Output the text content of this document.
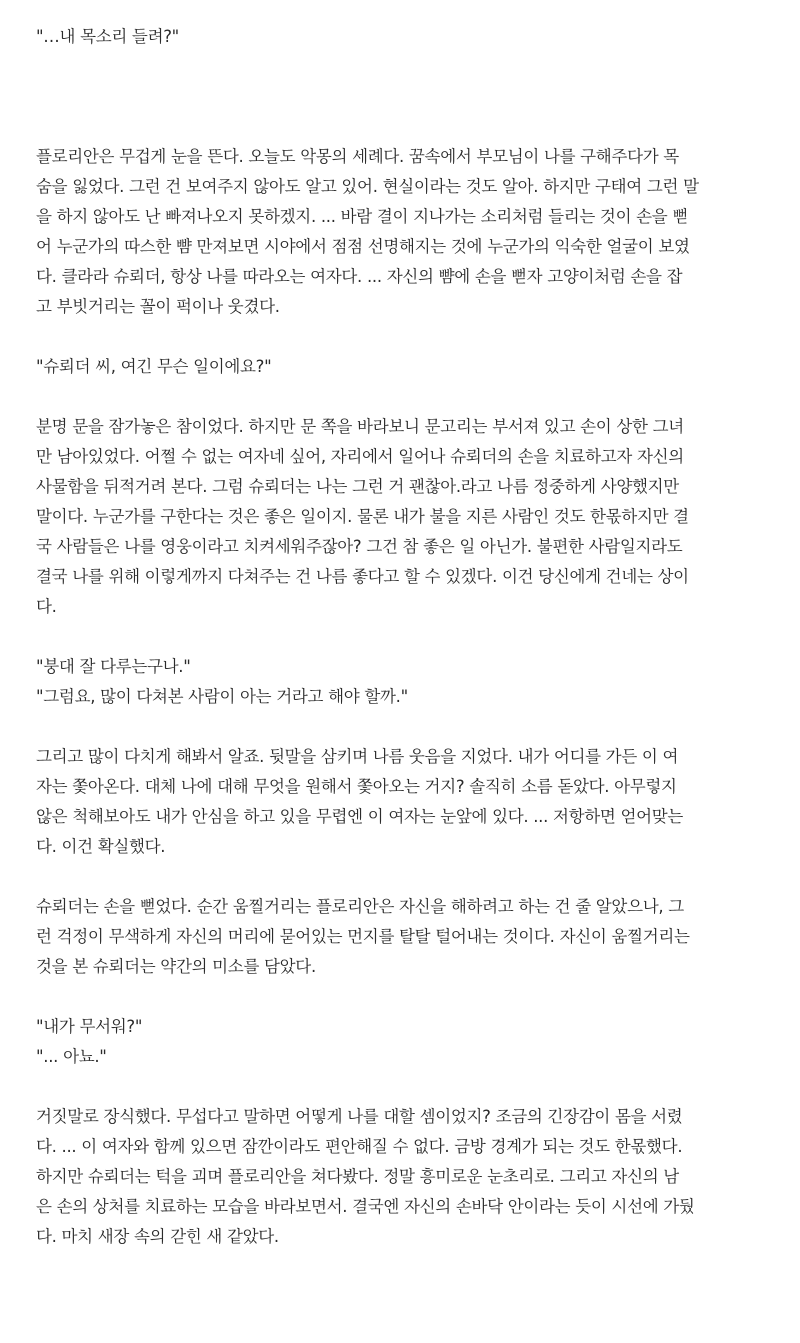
"…내 목소리 들려?"

플로리안은 무겁게 눈을 뜬다. 오늘도 악몽의 세례다. 꿈속에서 부모님이 나를 구해주다가 목
숨을 잃었다. 그런 건 보여주지 않아도 알고 있어. 현실이라는 것도 알아. 하지만 구태여 그런 말
을 하지 않아도 난 빠져나오지 못하겠지. ... 바람 결이 지나가는 소리처럼 들리는 것이 손을 뻗
어 누군가의 따스한 뺨 만져보면 시야에서 점점 선명해지는 것에 누군가의 익숙한 얼굴이 보였
다. 클라라 슈뢰더, 항상 나를 따라오는 여자다. ... 자신의 뺨에 손을 뻗자 고양이처럼 손을 잡
고 부빗거리는 꼴이 퍽이나 웃겼다.

"슈뢰더 씨, 여긴 무슨 일이에요?"

분명 문을 잠가놓은 참이었다. 하지만 문 쪽을 바라보니 문고리는 부서져 있고 손이 상한 그녀
만 남아있었다. 어쩔 수 없는 여자네 싶어, 자리에서 일어나 슈뢰더의 손을 치료하고자 자신의
사물함을 뒤적거려 본다. 그럼 슈뢰더는 나는 그런 거 괜찮아.라고 나름 정중하게 사양했지만
말이다. 누군가를 구한다는 것은 좋은 일이지. 물론 내가 불을 지른 사람인 것도 한몫하지만 결
국 사람들은 나를 영웅이라고 치켜세워주잖아? 그건 참 좋은 일 아닌가. 불편한 사람일지라도
결국 나를 위해 이렇게까지 다쳐주는 건 나름 좋다고 할 수 있겠다. 이건 당신에게 건네는 상이
다.

"붕대 잘 다루는구나."
"그럼요, 많이 다쳐본 사람이 아는 거라고 해야 할까."

그리고 많이 다치게 해봐서 알죠. 뒷말을 삼키며 나름 웃음을 지었다. 내가 어디를 가든 이 여
자는 쫓아온다. 대체 나에 대해 무엇을 원해서 쫓아오는 거지? 솔직히 소름 돋았다. 아무렇지
않은 척해보아도 내가 안심을 하고 있을 무렵엔 이 여자는 눈앞에 있다. ... 저항하면 얻어맞는
다. 이건 확실했다.

슈뢰더는 손을 뻗었다. 순간 움찔거리는 플로리안은 자신을 해하려고 하는 건 줄 알았으나, 그
런 걱정이 무색하게 자신의 머리에 묻어있는 먼지를 탈탈 털어내는 것이다. 자신이 움찔거리는
것을 본 슈뢰더는 약간의 미소를 담았다.

"내가 무서워?"
"... 아뇨."

거짓말로 장식했다. 무섭다고 말하면 어떻게 나를 대할 셈이었지? 조금의 긴장감이 몸을 서렸
다. ... 이 여자와 함께 있으면 잠깐이라도 편안해질 수 없다. 금방 경계가 되는 것도 한몫했다.
하지만 슈뢰더는 턱을 괴며 플로리안을 쳐다봤다. 정말 흥미로운 눈초리로. 그리고 자신의 남
은 손의 상처를 치료하는 모습을 바라보면서. 결국엔 자신의 손바닥 안이라는 듯이 시선에 가뒀
다. 마치 새장 속의 갇힌 새 같았다.
